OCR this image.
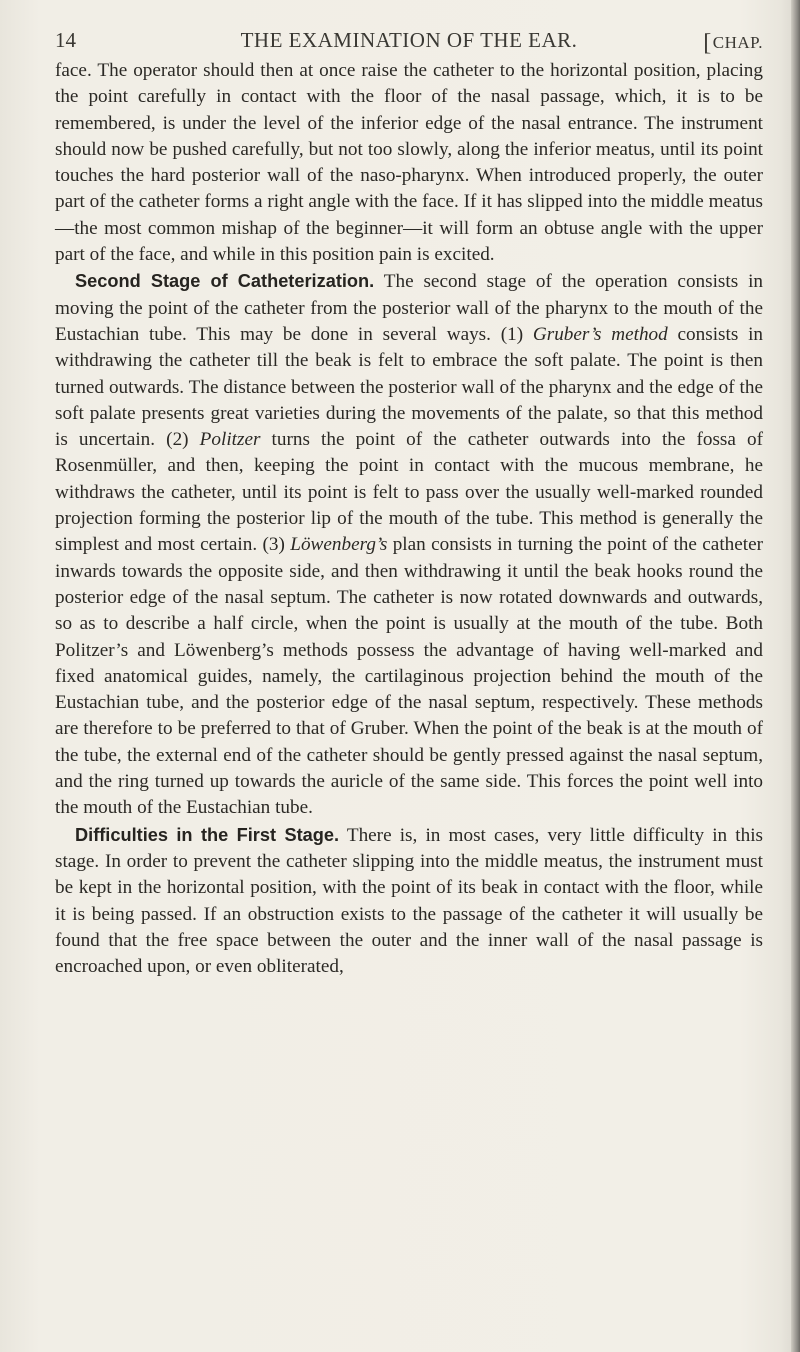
14	THE EXAMINATION OF THE EAR.	[CHAP.

face. The operator should then at once raise the catheter to the horizontal position, placing the point carefully in contact with the floor of the nasal passage, which, it is to be remembered, is under the level of the inferior edge of the nasal entrance. The instrument should now be pushed carefully, but not too slowly, along the inferior meatus, until its point touches the hard posterior wall of the naso-pharynx. When introduced properly, the outer part of the catheter forms a right angle with the face. If it has slipped into the middle meatus—the most common mishap of the beginner—it will form an obtuse angle with the upper part of the face, and while in this position pain is excited.

Second Stage of Catheterization. The second stage of the operation consists in moving the point of the catheter from the posterior wall of the pharynx to the mouth of the Eustachian tube. This may be done in several ways. (1) Gruber’s method consists in withdrawing the catheter till the beak is felt to embrace the soft palate. The point is then turned outwards. The distance between the posterior wall of the pharynx and the edge of the soft palate presents great varieties during the movements of the palate, so that this method is uncertain. (2) Politzer turns the point of the catheter outwards into the fossa of Rosenmüller, and then, keeping the point in contact with the mucous membrane, he withdraws the catheter, until its point is felt to pass over the usually well-marked rounded projection forming the posterior lip of the mouth of the tube. This method is generally the simplest and most certain. (3) Löwenberg’s plan consists in turning the point of the catheter inwards towards the opposite side, and then withdrawing it until the beak hooks round the posterior edge of the nasal septum. The catheter is now rotated downwards and outwards, so as to describe a half circle, when the point is usually at the mouth of the tube. Both Politzer’s and Löwenberg’s methods possess the advantage of having well-marked and fixed anatomical guides, namely, the cartilaginous projection behind the mouth of the Eustachian tube, and the posterior edge of the nasal septum, respectively. These methods are therefore to be preferred to that of Gruber. When the point of the beak is at the mouth of the tube, the external end of the catheter should be gently pressed against the nasal septum, and the ring turned up towards the auricle of the same side. This forces the point well into the mouth of the Eustachian tube.

Difficulties in the First Stage. There is, in most cases, very little difficulty in this stage. In order to prevent the catheter slipping into the middle meatus, the instrument must be kept in the horizontal position, with the point of its beak in contact with the floor, while it is being passed. If an obstruction exists to the passage of the catheter it will usually be found that the free space between the outer and the inner wall of the nasal passage is encroached upon, or even obliterated,
